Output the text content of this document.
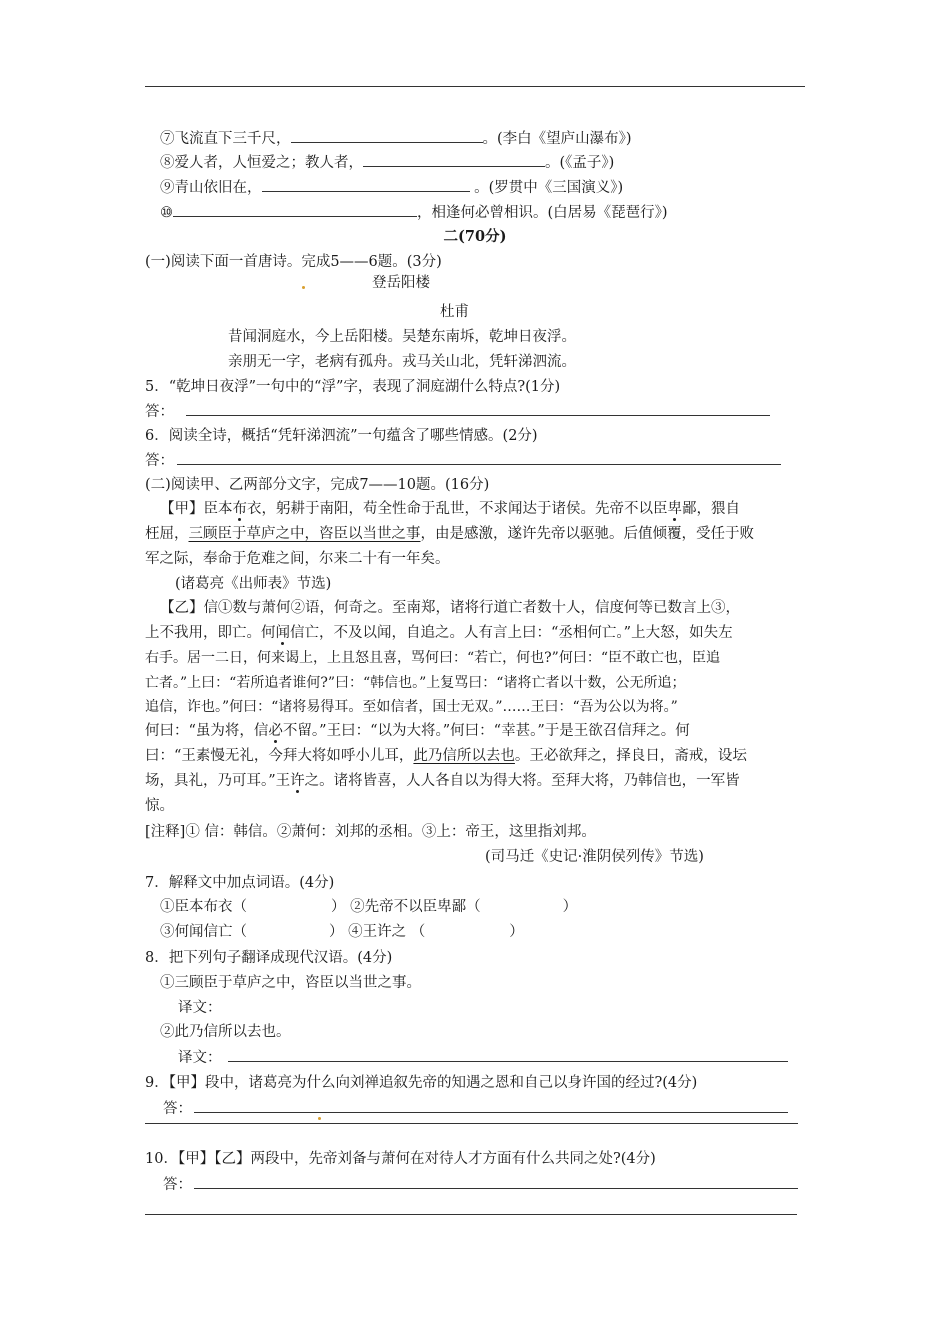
⑦飞流直下三千尺，	。(李白《望庐山瀑布》)
⑧爱人者，人恒爱之；教人者，	。(《孟子》)
⑨青山依旧在，	。(罗贯中《三国演义》)
⑩	，相逢何必曾相识。(白居易《琵琶行》)
二(70分)
(一)阅读下面一首唐诗。完成5——6题。(3分)
登岳阳楼
杜甫
昔闻洞庭水，今上岳阳楼。吴楚东南坼，乾坤日夜浮。
亲朋无一字，老病有孤舟。戎马关山北，凭轩涕泗流。
5．“乾坤日夜浮”一句中的“浮”字，表现了洞庭湖什么特点?(1分)
答：
6．阅读全诗，概括“凭轩涕泗流”一句蕴含了哪些情感。(2分)
答：
(二)阅读甲、乙两部分文字，完成7——10题。(16分)
【甲】臣本布衣，躬耕于南阳，苟全性命于乱世，不求闻达于诸侯。先帝不以臣卑鄙，猥自
枉屈，三顾臣于草庐之中，咨臣以当世之事，由是感激，遂许先帝以驱驰。后值倾覆，受任于败
军之际，奉命于危难之间，尔来二十有一年矣。
(诸葛亮《出师表》节选)
【乙】信①数与萧何②语，何奇之。至南郑，诸将行道亡者数十人，信度何等已数言上③，
上不我用，即亡。何闻信亡，不及以闻，自追之。人有言上曰：“丞相何亡。”上大怒，如失左
右手。居一二日，何来谒上，上且怒且喜，骂何曰：“若亡，何也?”何曰：“臣不敢亡也，臣追
亡者。”上曰：“若所追者谁何?”曰：“韩信也。”上复骂曰：“诸将亡者以十数，公无所追；
追信，诈也。”何曰：“诸将易得耳。至如信者，国士无双。”……王曰：“吾为公以为将。”
何曰：“虽为将，信必不留。”王曰：“以为大将。”何曰：“幸甚。”于是王欲召信拜之。何
曰：“王素慢无礼，今拜大将如呼小儿耳，此乃信所以去也。王必欲拜之，择良日，斋戒，设坛
场，具礼，乃可耳。”王许之。诸将皆喜，人人各自以为得大将。至拜大将，乃韩信也，一军皆
惊。
[注释]① 信：韩信。②萧何：刘邦的丞相。③上：帝王，这里指刘邦。
(司马迁《史记·淮阴侯列传》节选)
7．解释文中加点词语。(4分)
①臣本布衣（	） ②先帝不以臣卑鄙（	）
③何闻信亡（	） ④王许之 （	）
8．把下列句子翻译成现代汉语。(4分)
①三顾臣于草庐之中，咨臣以当世之事。
译文：
②此乃信所以去也。
译文：
9．【甲】段中，诸葛亮为什么向刘禅追叙先帝的知遇之恩和自己以身许国的经过?(4分)
答：
10．【甲】【乙】两段中，先帝刘备与萧何在对待人才方面有什么共同之处?(4分)
答：
